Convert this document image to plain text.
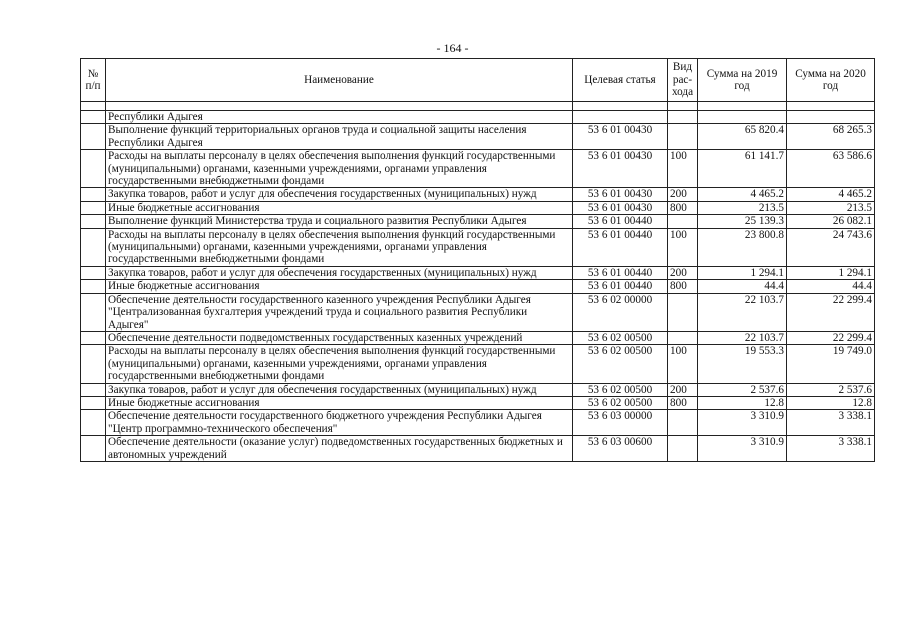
- 164 -
№ п/п	Наименование	Целевая статья	Вид рас-хода	Сумма на 2019 год	Сумма на 2020 год

	Республики Адыгея				
	Выполнение функций территориальных органов труда и социальной защиты населения Республики Адыгея	53 6 01 00430		65 820.4	68 265.3
	Расходы на выплаты персоналу в целях обеспечения выполнения функций государственными (муниципальными) органами, казенными учреждениями, органами управления государственными внебюджетными фондами	53 6 01 00430	100	61 141.7	63 586.6
	Закупка товаров, работ и услуг для обеспечения государственных (муниципальных) нужд	53 6 01 00430	200	4 465.2	4 465.2
	Иные бюджетные ассигнования	53 6 01 00430	800	213.5	213.5
	Выполнение функций Министерства труда и социального развития Республики Адыгея	53 6 01 00440		25 139.3	26 082.1
	Расходы на выплаты персоналу в целях обеспечения выполнения функций государственными (муниципальными) органами, казенными учреждениями, органами управления государственными внебюджетными фондами	53 6 01 00440	100	23 800.8	24 743.6
	Закупка товаров, работ и услуг для обеспечения государственных (муниципальных) нужд	53 6 01 00440	200	1 294.1	1 294.1
	Иные бюджетные ассигнования	53 6 01 00440	800	44.4	44.4
	Обеспечение деятельности государственного казенного учреждения Республики Адыгея "Централизованная бухгалтерия учреждений труда и социального развития Республики Адыгея"	53 6 02 00000		22 103.7	22 299.4
	Обеспечение деятельности подведомственных государственных казенных учреждений	53 6 02 00500		22 103.7	22 299.4
	Расходы на выплаты персоналу в целях обеспечения выполнения функций государственными (муниципальными) органами, казенными учреждениями, органами управления государственными внебюджетными фондами	53 6 02 00500	100	19 553.3	19 749.0
	Закупка товаров, работ и услуг для обеспечения государственных (муниципальных) нужд	53 6 02 00500	200	2 537.6	2 537.6
	Иные бюджетные ассигнования	53 6 02 00500	800	12.8	12.8
	Обеспечение деятельности государственного бюджетного учреждения Республики Адыгея "Центр программно-технического обеспечения"	53 6 03 00000		3 310.9	3 338.1
	Обеспечение деятельности (оказание услуг) подведомственных государственных бюджетных и автономных учреждений	53 6 03 00600		3 310.9	3 338.1
